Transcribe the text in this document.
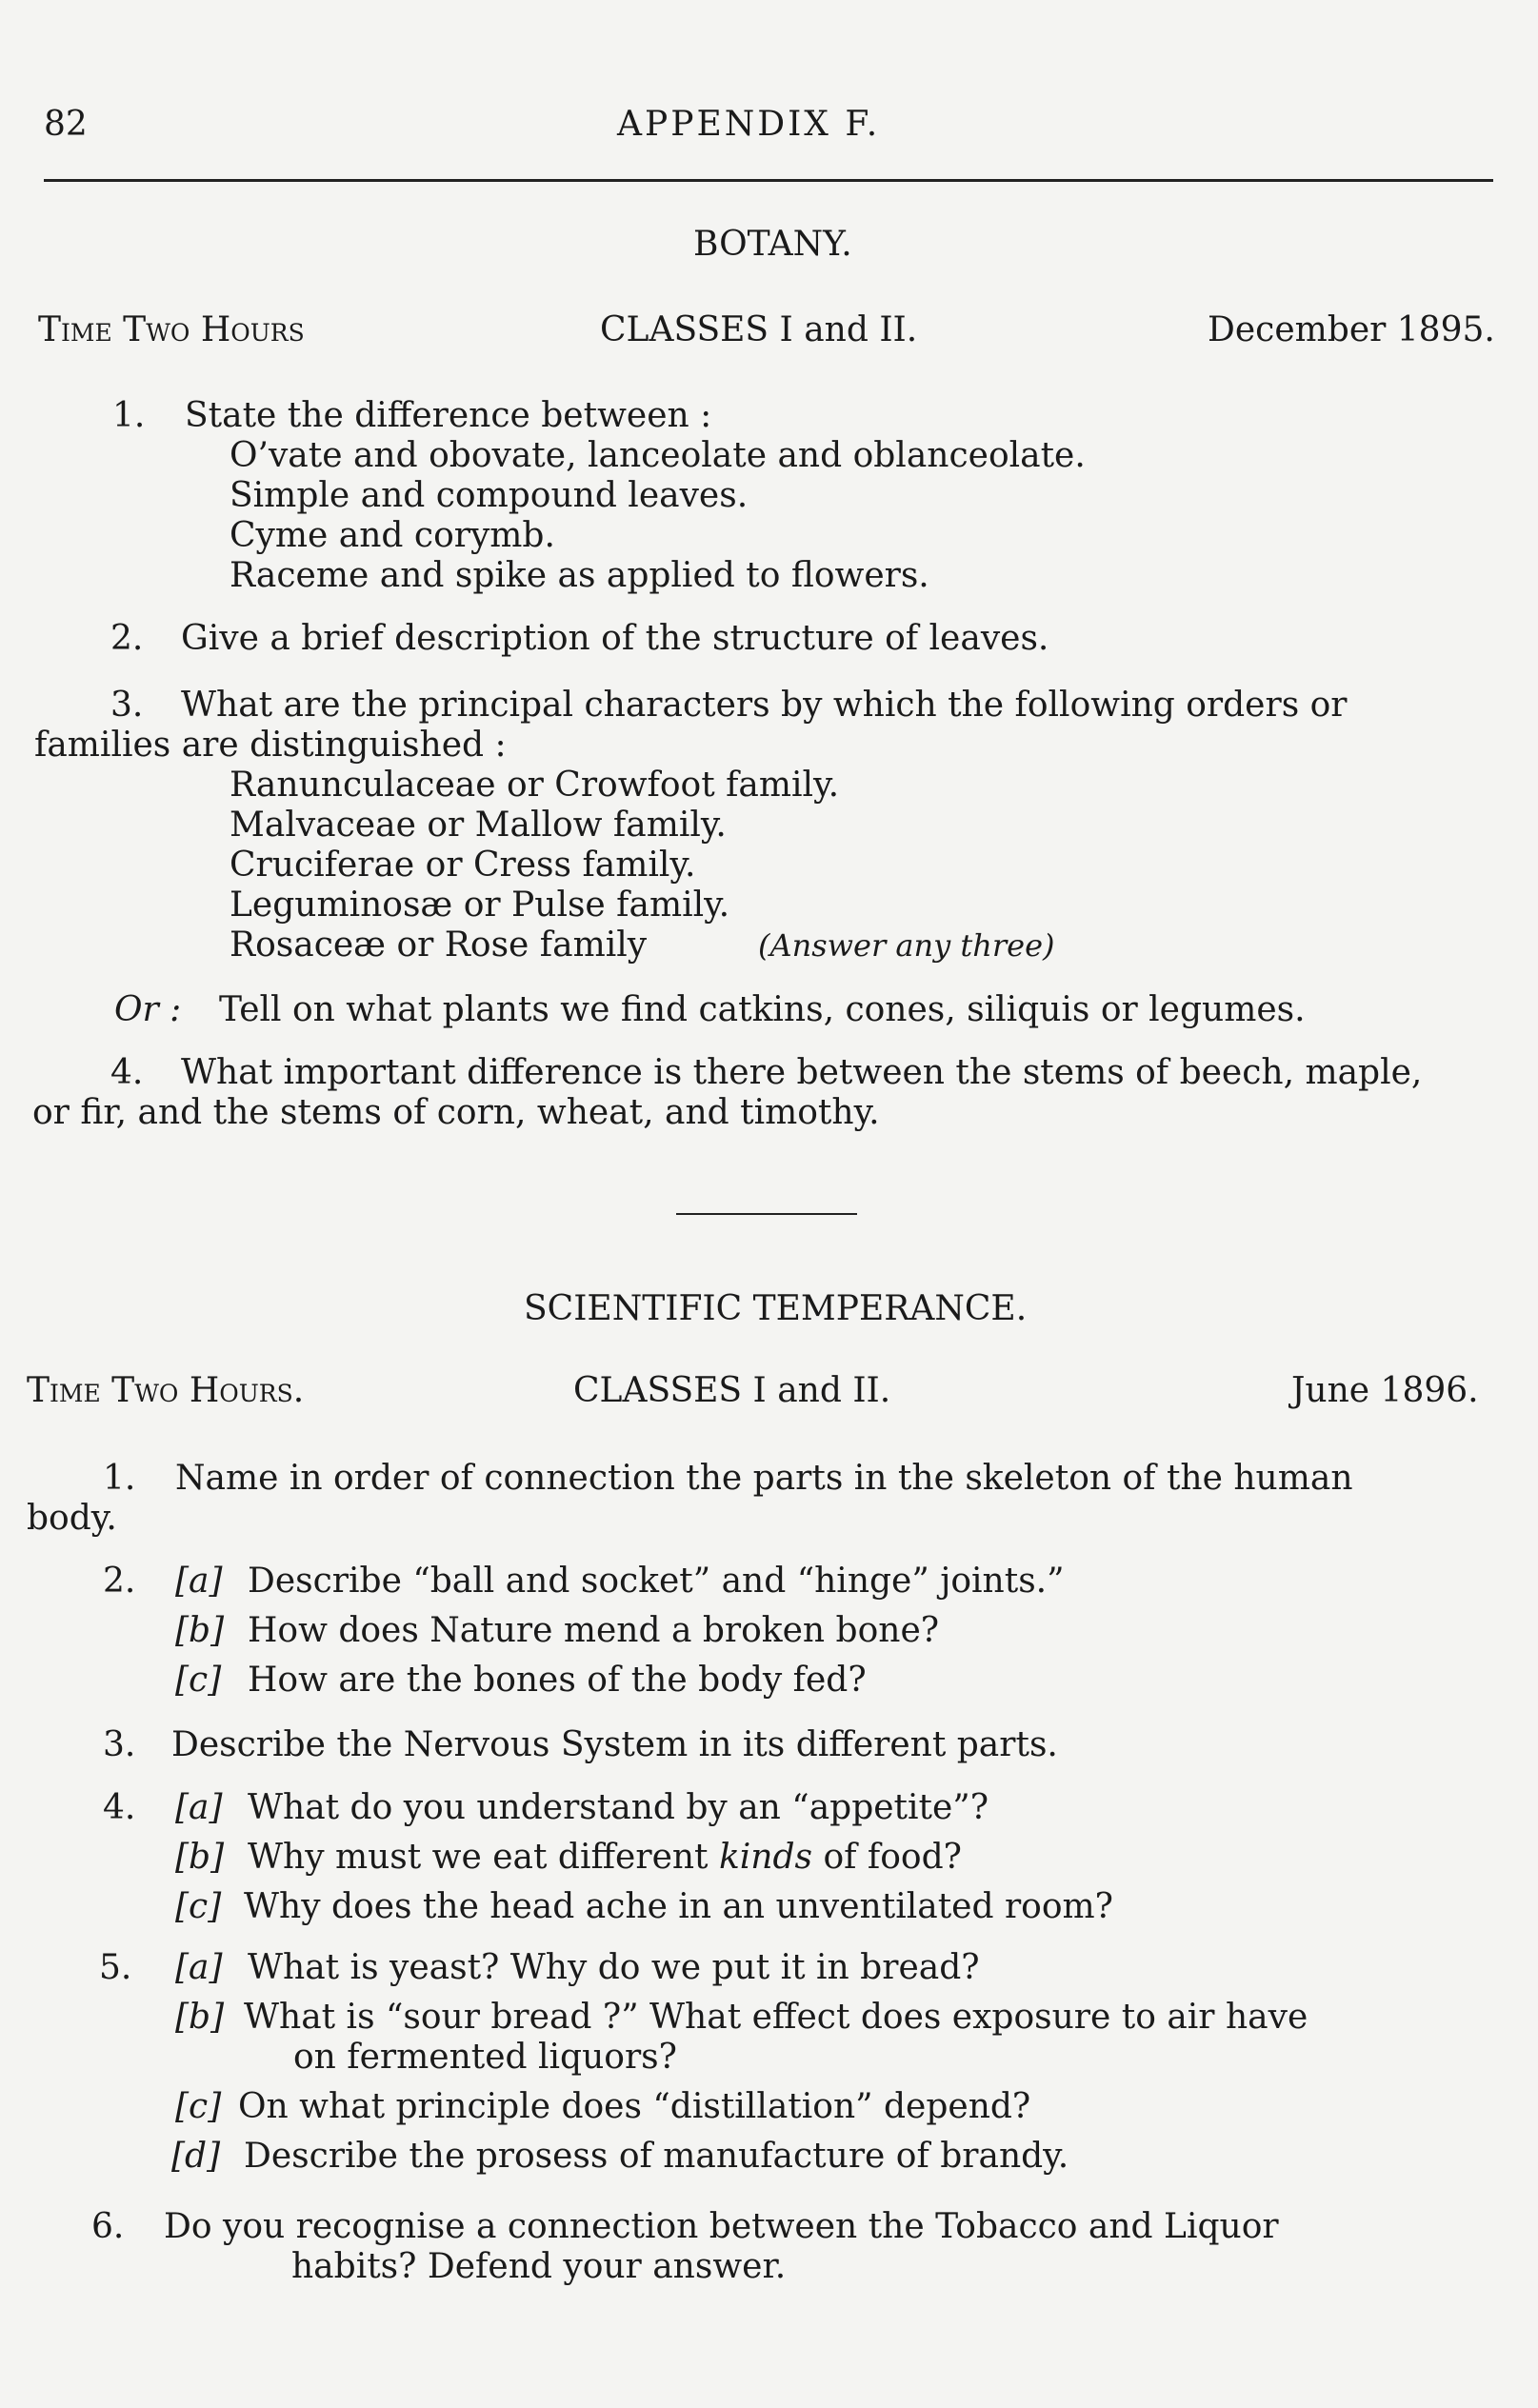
82	APPENDIX F.
BOTANY.
Time Two Hours	CLASSES I and II.	December 1895.
1. State the difference between :
O’vate and obovate, lanceolate and oblanceolate.
Simple and compound leaves.
Cyme and corymb.
Raceme and spike as applied to flowers.
2. Give a brief description of the structure of leaves.
3. What are the principal characters by which the following orders or
families are distinguished :
Ranunculaceae or Crowfoot family.
Malvaceae or Mallow family.
Cruciferae or Cress family.
Leguminosæ or Pulse family.
Rosaceæ or Rose family	(Answer any three)
Or : Tell on what plants we find catkins, cones, siliquis or legumes.
4. What important difference is there between the stems of beech, maple,
or fir, and the stems of corn, wheat, and timothy.
SCIENTIFIC TEMPERANCE.
Time Two Hours.	CLASSES I and II.	June 1896.
1. Name in order of connection the parts in the skeleton of the human
body.
2. [a] Describe “ball and socket” and “hinge” joints.”
[b] How does Nature mend a broken bone?
[c] How are the bones of the body fed?
3. Describe the Nervous System in its different parts.
4. [a] What do you understand by an “appetite”?
[b] Why must we eat different kinds of food?
[c] Why does the head ache in an unventilated room?
5. [a] What is yeast? Why do we put it in bread?
[b] What is “sour bread ?” What effect does exposure to air have
on fermented liquors?
[c] On what principle does “distillation” depend?
[d] Describe the prosess of manufacture of brandy.
6. Do you recognise a connection between the Tobacco and Liquor
habits? Defend your answer.
